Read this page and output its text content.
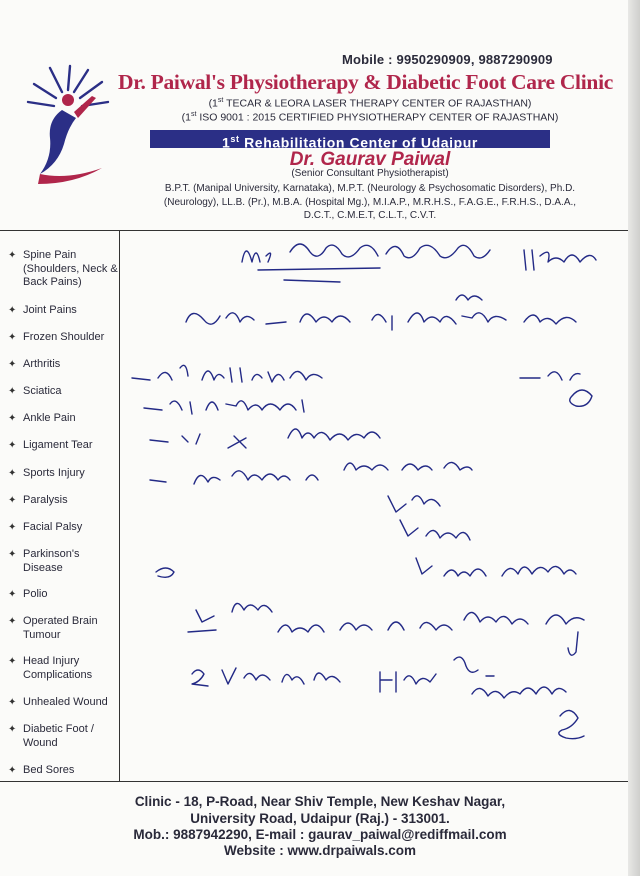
Mobile : 9950290909, 9887290909
Dr. Paiwal's Physiotherapy & Diabetic Foot Care Clinic
(1st TECAR & LEORA LASER THERAPY CENTER OF RAJASTHAN)
(1st ISO 9001 : 2015 CERTIFIED PHYSIOTHERAPY CENTER OF RAJASTHAN)
1st Rehabilitation Center of Udaipur
Dr. Gaurav Paiwal
(Senior Consultant Physiotherapist)
B.P.T. (Manipal University, Karnataka), M.P.T. (Neurology & Psychosomatic Disorders), Ph.D. (Neurology), LL.B. (Pr.), M.B.A. (Hospital Mg.), M.I.A.P., M.R.H.S., F.A.G.E., F.R.H.S., D.A.A., D.C.T., C.M.E.T, C.L.T., C.V.T.
✦ Spine Pain (Shoulders, Neck & Back Pains)
✦ Joint Pains
✦ Frozen Shoulder
✦ Arthritis
✦ Sciatica
✦ Ankle Pain
✦ Ligament Tear
✦ Sports Injury
✦ Paralysis
✦ Facial Palsy
✦ Parkinson's Disease
✦ Polio
✦ Operated Brain Tumour
✦ Head Injury Complications
✦ Unhealed Wound
✦ Diabetic Foot / Wound
✦ Bed Sores
Clinic - 18, P-Road, Near Shiv Temple, New Keshav Nagar,
University Road, Udaipur (Raj.) - 313001.
Mob.: 9887942290, E-mail : gaurav_paiwal@rediffmail.com
Website : www.drpaiwals.com
